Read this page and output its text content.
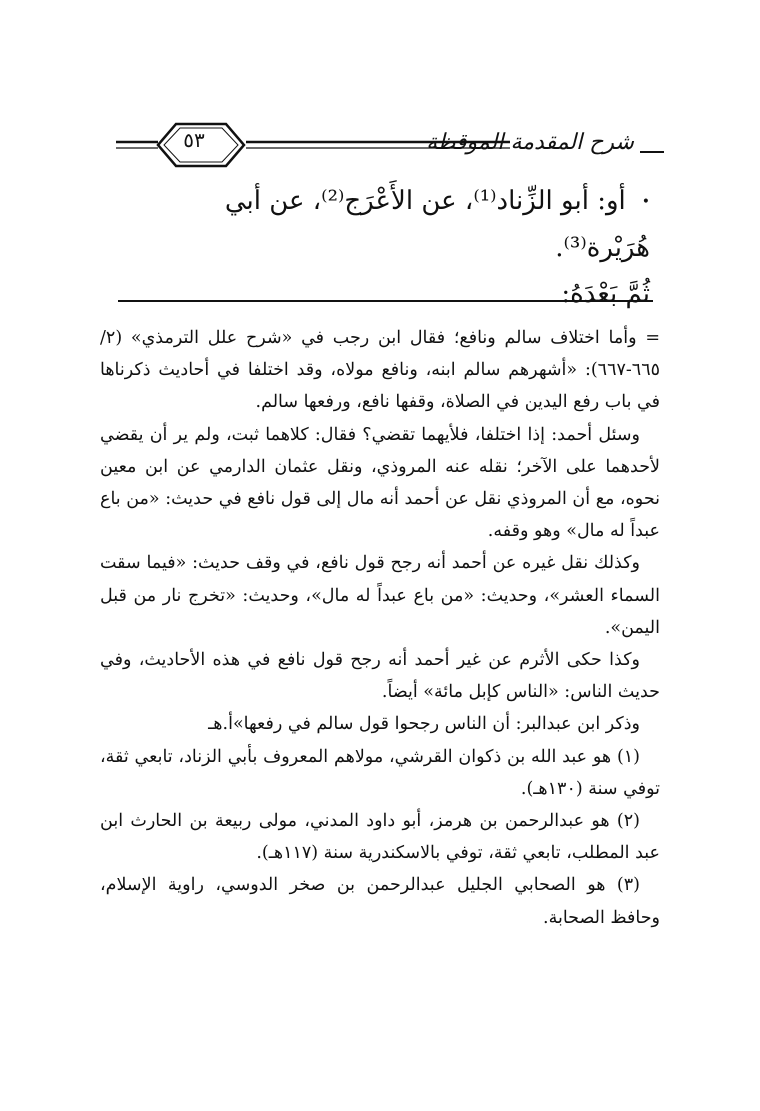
٥٣	شرح المقدمة الموقظة
•أو: أبو الزِّناد⁽¹⁾، عن الأَعْرَج⁽²⁾، عن أبي هُرَيْرة⁽³⁾.
ثُمَّ بَعْدَهُ:

= وأما اختلاف سالم ونافع؛ فقال ابن رجب في «شرح علل الترمذي» (٢/ ٦٦٥-٦٦٧): «أشهرهم سالم ابنه، ونافع مولاه، وقد اختلفا في أحاديث ذكرناها في باب رفع اليدين في الصلاة، وقفها نافع، ورفعها سالم.

وسئل أحمد: إذا اختلفا، فلأيهما تقضي؟ فقال: كلاهما ثبت، ولم ير أن يقضي لأحدهما على الآخر؛ نقله عنه المروذي، ونقل عثمان الدارمي عن ابن معين نحوه، مع أن المروذي نقل عن أحمد أنه مال إلى قول نافع في حديث: «من باع عبداً له مال» وهو وقفه.

وكذلك نقل غيره عن أحمد أنه رجح قول نافع، في وقف حديث: «فيما سقت السماء العشر»، وحديث: «من باع عبداً له مال»، وحديث: «تخرج نار من قبل اليمن».

وكذا حكى الأثرم عن غير أحمد أنه رجح قول نافع في هذه الأحاديث، وفي حديث الناس: «الناس كإبل مائة» أيضاً.

وذكر ابن عبدالبر: أن الناس رجحوا قول سالم في رفعها»أ.هـ

(١) هو عبد الله بن ذكوان القرشي، مولاهم المعروف بأبي الزناد، تابعي ثقة، توفي سنة (١٣٠هـ).

(٢) هو عبدالرحمن بن هرمز، أبو داود المدني، مولى ربيعة بن الحارث ابن عبد المطلب، تابعي ثقة، توفي بالاسكندرية سنة (١١٧هـ).

(٣) هو الصحابي الجليل عبدالرحمن بن صخر الدوسي، راوية الإسلام، وحافظ الصحابة.
